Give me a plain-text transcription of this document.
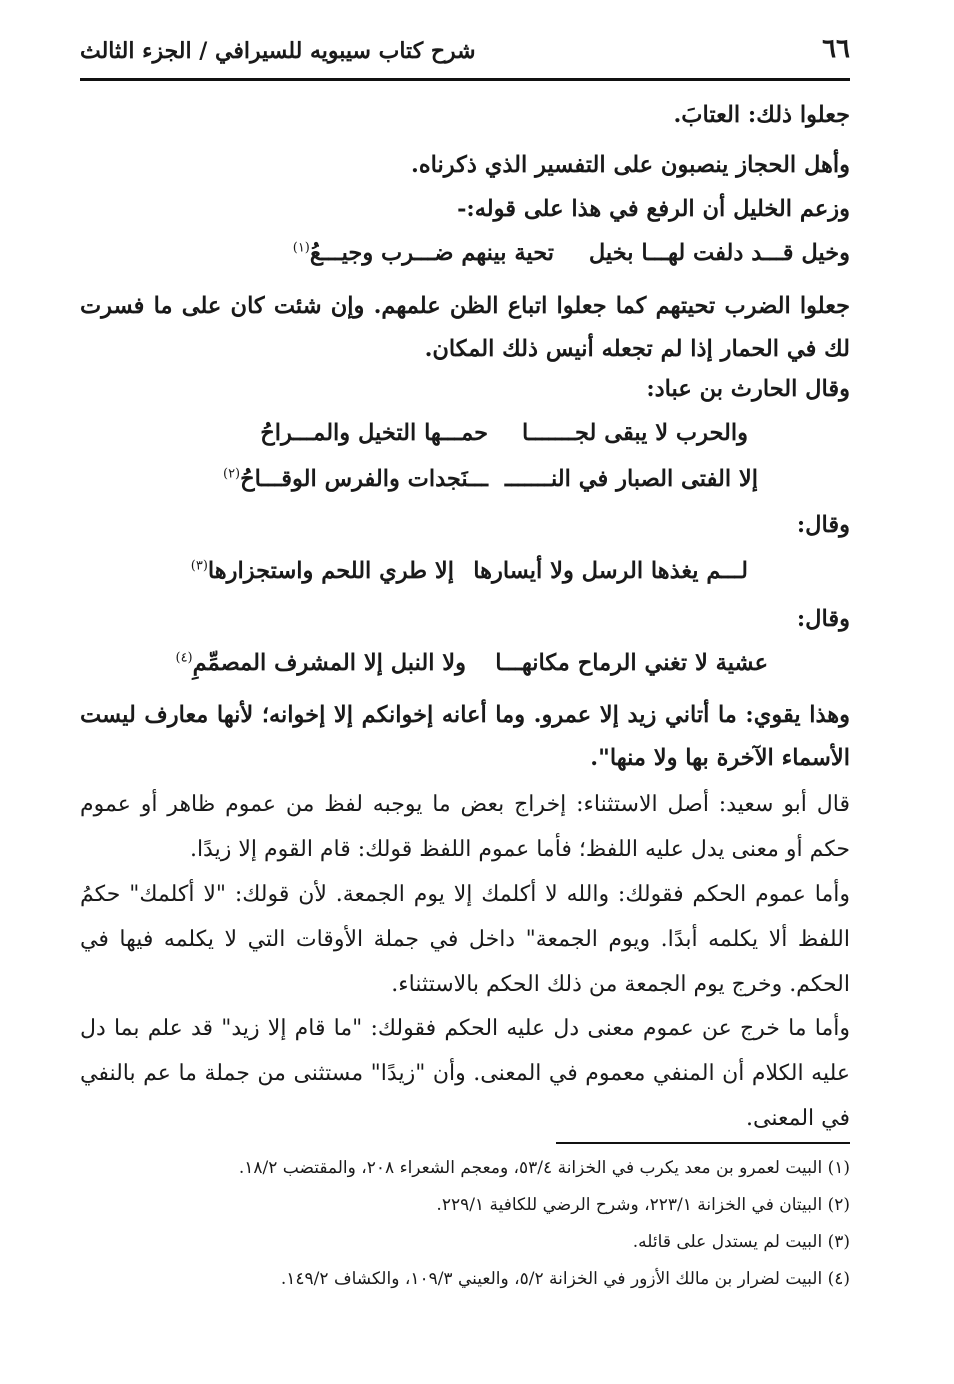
٦٦
شرح كتاب سيبويه للسيرافي / الجزء الثالث
جعلوا ذلك: العتابَ.
وأهل الحجاز ينصبون على التفسير الذي ذكرناه.
وزعم الخليل أن الرفع في هذا على قوله:-
وخيل قـــد دلفت لهـــا بخيل
تحية بينهم ضـــرب وجيـــعُ$^{(١)}$
جعلوا الضرب تحيتهم كما جعلوا اتباع الظن علمهم. وإن شئت كان على ما فسرت لك في الحمار إذا لم تجعله أنيس ذلك المكان.
وقال الحارث بن عباد:
والحرب لا يبقى لجـــــــا
حمـــها التخيل والمـــراحُ
إلا الفتى الصبار في النـــــــ
ـــنَجدات والفرس الوقـــاحُ$^{(٢)}$
وقال:
لـــم يغذها الرسل ولا أيسارها
إلا طري اللحم واستجزارها$^{(٣)}$
وقال:
عشية لا تغني الرماح مكانهـــا
ولا النبل إلا المشرف المصمِّمِ$^{(٤)}$
وهذا يقوي: ما أتاني زيد إلا عمرو. وما أعانه إخوانكم إلا إخوانه؛ لأنها معارف ليست الأسماء الآخرة بها ولا منها".
قال أبو سعيد: أصل الاستثناء: إخراج بعض ما يوجبه لفظ من عموم ظاهر أو عموم حكم أو معنى يدل عليه اللفظ؛ فأما عموم اللفظ قولك: قام القوم إلا زيدًا.
وأما عموم الحكم فقولك: والله لا أكلمك إلا يوم الجمعة. لأن قولك: "لا أكلمك" حكمُ اللفظ ألا يكلمه أبدًا. ويوم الجمعة" داخل في جملة الأوقات التي لا يكلمه فيها في الحكم. وخرج يوم الجمعة من ذلك الحكم بالاستثناء.
وأما ما خرج عن عموم معنى دل عليه الحكم فقولك: "ما قام إلا زيد" قد علم بما دل عليه الكلام أن المنفي معموم في المعنى. وأن "زيدًا" مستثنى من جملة ما عم بالنفي في المعنى.
(١) البيت لعمرو بن معد يكرب في الخزانة ٥٣/٤، ومعجم الشعراء ٢٠٨، والمقتضب ١٨/٢.
(٢) البيتان في الخزانة ٢٢٣/١، وشرح الرضي للكافية ٢٢٩/١.
(٣) البيت لم يستدل على قائله.
(٤) البيت لضرار بن مالك الأزور في الخزانة ٥/٢، والعيني ١٠٩/٣، والكشاف ١٤٩/٢.
